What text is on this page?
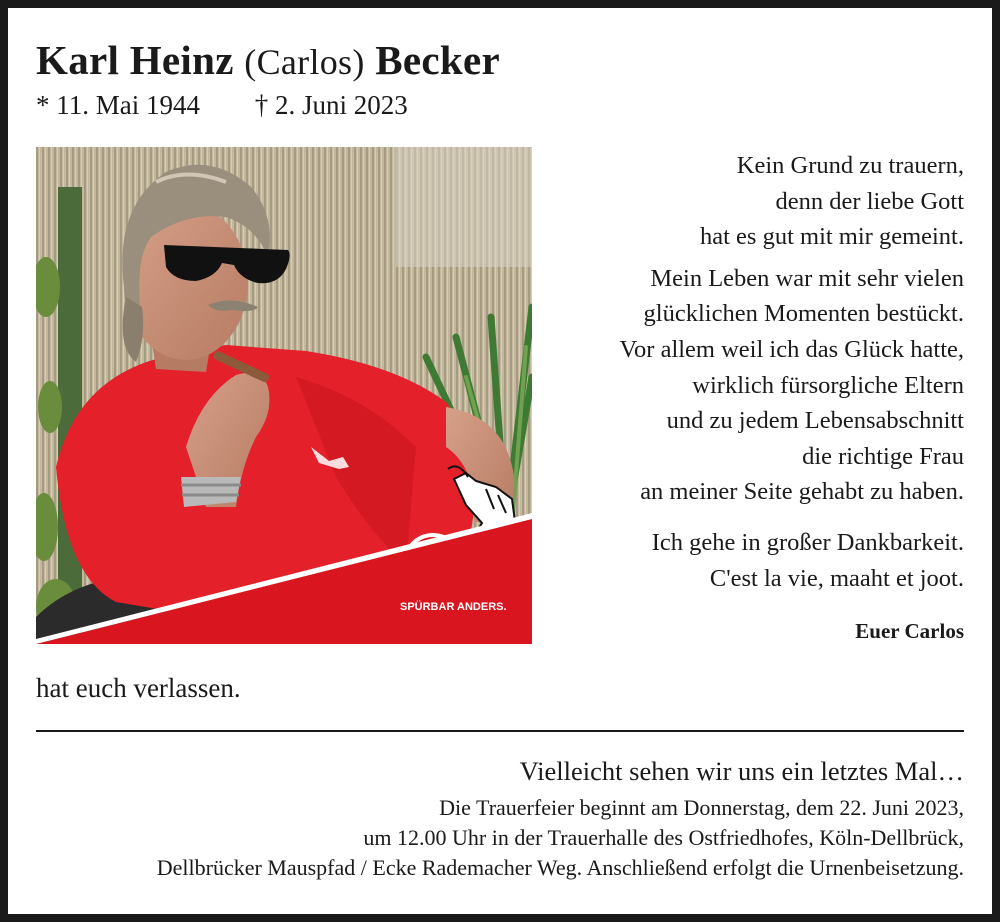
Karl Heinz (Carlos) Becker
* 11. Mai 1944 † 2. Juni 2023
SPÜRBAR ANDERS.
Kein Grund zu trauern,
denn der liebe Gott
hat es gut mit mir gemeint.
Mein Leben war mit sehr vielen
glücklichen Momenten bestückt.
Vor allem weil ich das Glück hatte,
wirklich fürsorgliche Eltern
und zu jedem Lebensabschnitt
die richtige Frau
an meiner Seite gehabt zu haben.
Ich gehe in großer Dankbarkeit.
C'est la vie, maaht et joot.
Euer Carlos
hat euch verlassen.
Vielleicht sehen wir uns ein letztes Mal…
Die Trauerfeier beginnt am Donnerstag, dem 22. Juni 2023,
um 12.00 Uhr in der Trauerhalle des Ostfriedhofes, Köln-Dellbrück,
Dellbrücker Mauspfad / Ecke Rademacher Weg. Anschließend erfolgt die Urnenbeisetzung.
